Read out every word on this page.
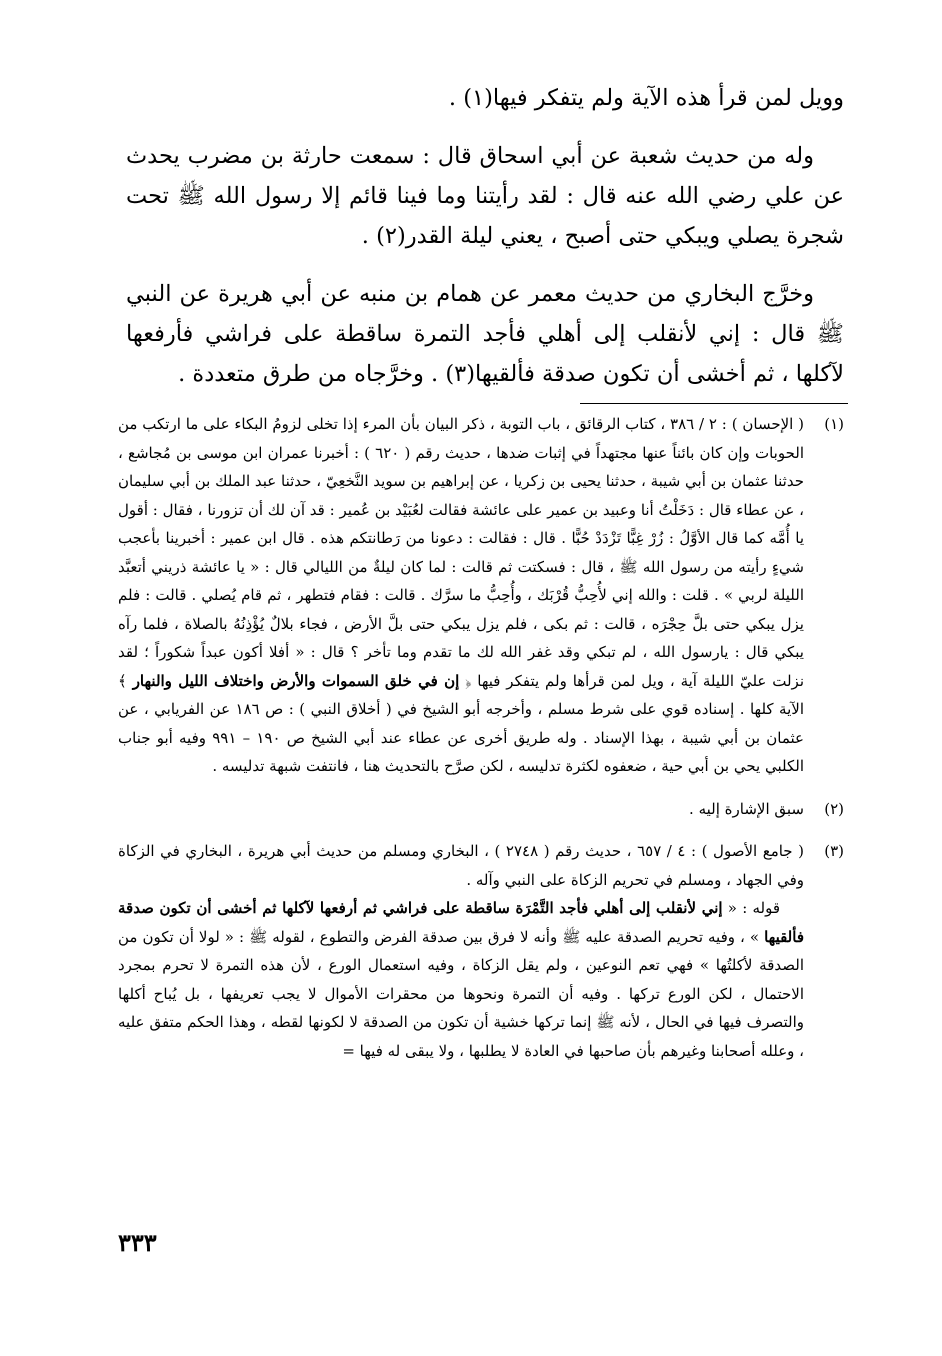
وويل لمن قرأ هذه الآية ولم يتفكر فيها(١) .

وله من حديث شعبة عن أبي اسحاق قال : سمعت حارثة بن مضرب يحدث عن علي رضي الله عنه قال : لقد رأيتنا وما فينا قائم إلا رسول الله ﷺ تحت شجرة يصلي ويبكي حتى أصبح ، يعني ليلة القدر(٢) .

وخرَّج البخاري من حديث معمر عن همام بن منبه عن أبي هريرة عن النبي ﷺ قال : إني لأنقلب إلى أهلي فأجد التمرة ساقطة على فراشي فأرفعها لآكلها ، ثم أخشى أن تكون صدقة فألقيها(٣) . وخرَّجاه من طرق متعددة .

(١)

( الإحسان ) : ٢ / ٣٨٦ ، كتاب الرقائق ، باب التوبة ، ذكر البيان بأن المرء إذا تخلى لزومُ البكاء على ما ارتكب من الحوبات وإن كان بائناً عنها مجتهداً في إثبات ضدها ، حديث رقم ( ٦٢٠ ) : أخبرنا عمران ابن موسى بن مُجاشع ، حدثنا عثمان بن أبي شيبة ، حدثنا يحيى بن زكريا ، عن إبراهيم بن سويد النَّخعِيّ ، حدثنا عبد الملك بن أبي سليمان ، عن عطاء قال : دَخَلْتُ أنا وعبيد بن عمير على عائشة فقالت لعُبَيْد بن عُمير : قد آن لك أن تزورنا ، فقال : أقول يا أُمَّه كما قال الأوَّلُ : زُرْ غِبًّا تَزْدَدْ حُبًّا . قال : فقالت : دعونا من رَطانتكم هذه . قال ابن عمير : أخبرينا بأعجب شيءٍ رأيته من رسول الله ﷺ ، قال : فسكتت ثم قالت : لما كان ليلةٌ من الليالي قال : « يا عائشة ذريني أتعبَّد الليلة لربي » . قلت : والله إني لأُحِبُّ قُرْبَك ، وأُحِبُّ ما سرَّك . قالت : فقام فتطهر ، ثم قام يُصلي . قالت : فلم يزل يبكي حتى بلَّ حِجْرَه ، قالت : ثم بكى ، فلم يزل يبكي حتى بلَّ الأرض ، فجاء بلالٌ يُؤْذِنُهُ بالصلاة ، فلما رآه يبكي قال : يارسول الله ، لم تبكي وقد غفر الله لك ما تقدم وما تأخر ؟ قال : « أفلا أكون عبداً شكوراً ؛ لقد نزلت عليّ الليلة آية ، ويل لمن قرأها ولم يتفكر فيها ﴿ إن في خلق السموات والأرض واختلاف الليل والنهار ﴾ الآية كلها . إسناده قوي على شرط مسلم ، وأخرجه أبو الشيخ في ( أخلاق النبي ) : ص ١٨٦ عن الفريابي ، عن عثمان بن أبي شيبة ، بهذا الإسناد . وله طريق أخرى عن عطاء عند أبي الشيخ ص ١٩٠ – ٩٩١ وفيه أبو جناب الكلبي يحي بن أبي حية ، ضعفوه لكثرة تدليسه ، لكن صرَّح بالتحديث هنا ، فانتفت شبهة تدليسه .

(٢)

سبق الإشارة إليه .

(٣)

( جامع الأصول ) : ٤ / ٦٥٧ ، حديث رقم ( ٢٧٤٨ ) ، البخاري ومسلم من حديث أبي هريرة ، البخاري في الزكاة وفي الجهاد ، ومسلم في تحريم الزكاة على النبي وآله .

قوله : « إني لأنقلب إلى أهلي فأجد التَّمْرَة ساقطة على فراشي ثم أرفعها لآكلها ثم أخشى أن تكون صدقة فألقيها » ، وفيه تحريم الصدقة عليه ﷺ وأنه لا فرق بين صدقة الفرض والتطوع ، لقوله ﷺ : « لولا أن تكون من الصدقة لأكلتُها » فهي تعم النوعين ، ولم يقل الزكاة ، وفيه استعمال الورع ، لأن هذه التمرة لا تحرم بمجرد الاحتمال ، لكن الورع تركها . وفيه أن التمرة ونحوها من محقرات الأموال لا يجب تعريفها ، بل يُباح أكلها والتصرف فيها في الحال ، لأنه ﷺ إنما تركها خشية أن تكون من الصدقة لا لكونها لقطه ، وهذا الحكم متفق عليه ، وعلله أصحابنا وغيرهم بأن صاحبها في العادة لا يطلبها ، ولا يبقى له فيها =

٣٣٣
